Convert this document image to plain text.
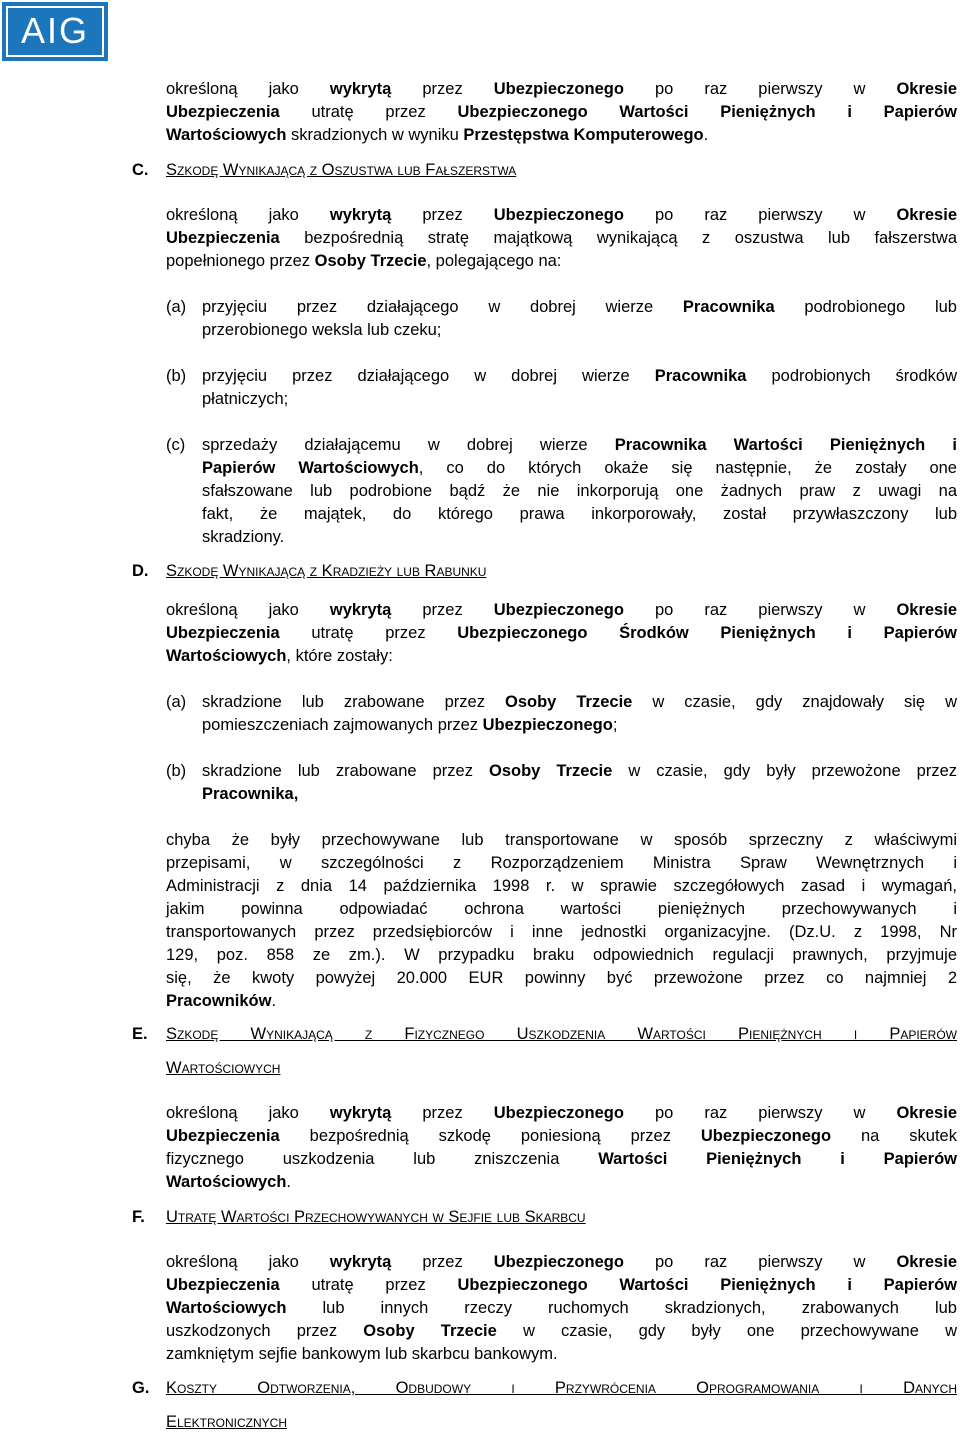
AIG
określoną jako wykrytą przez Ubezpieczonego po raz pierwszy w Okresie
Ubezpieczenia utratę przez Ubezpieczonego Wartości Pieniężnych i Papierów
Wartościowych skradzionych w wyniku Przestępstwa Komputerowego.
C. Szkodę Wynikającą z Oszustwa lub Fałszerstwa
określoną jako wykrytą przez Ubezpieczonego po raz pierwszy w Okresie
Ubezpieczenia bezpośrednią stratę majątkową wynikającą z oszustwa lub fałszerstwa
popełnionego przez Osoby Trzecie, polegającego na:
(a) przyjęciu przez działającego w dobrej wierze Pracownika podrobionego lub
przerobionego weksla lub czeku;
(b) przyjęciu przez działającego w dobrej wierze Pracownika podrobionych środków
płatniczych;
(c) sprzedaży działającemu w dobrej wierze Pracownika Wartości Pieniężnych i
Papierów Wartościowych, co do których okaże się następnie, że zostały one
sfałszowane lub podrobione bądź że nie inkorporują one żadnych praw z uwagi na
fakt, że majątek, do którego prawa inkorporowały, został przywłaszczony lub
skradziony.
D. Szkodę Wynikającą z Kradzieży lub Rabunku
określoną jako wykrytą przez Ubezpieczonego po raz pierwszy w Okresie
Ubezpieczenia utratę przez Ubezpieczonego Środków Pieniężnych i Papierów
Wartościowych, które zostały:
(a) skradzione lub zrabowane przez Osoby Trzecie w czasie, gdy znajdowały się w
pomieszczeniach zajmowanych przez Ubezpieczonego;
(b) skradzione lub zrabowane przez Osoby Trzecie w czasie, gdy były przewożone przez
Pracownika,
chyba że były przechowywane lub transportowane w sposób sprzeczny z właściwymi
przepisami, w szczególności z Rozporządzeniem Ministra Spraw Wewnętrznych i
Administracji z dnia 14 października 1998 r. w sprawie szczegółowych zasad i wymagań,
jakim powinna odpowiadać ochrona wartości pieniężnych przechowywanych i
transportowanych przez przedsiębiorców i inne jednostki organizacyjne. (Dz.U. z 1998, Nr
129, poz. 858 ze zm.). W przypadku braku odpowiednich regulacji prawnych, przyjmuje
się, że kwoty powyżej 20.000 EUR powinny być przewożone przez co najmniej 2
Pracowników.
E. Szkodę Wynikającą z Fizycznego Uszkodzenia Wartości Pieniężnych i Papierów
Wartościowych
określoną jako wykrytą przez Ubezpieczonego po raz pierwszy w Okresie
Ubezpieczenia bezpośrednią szkodę poniesioną przez Ubezpieczonego na skutek
fizycznego uszkodzenia lub zniszczenia Wartości Pieniężnych i Papierów
Wartościowych.
F. Utratę Wartości Przechowywanych w Sejfie lub Skarbcu
określoną jako wykrytą przez Ubezpieczonego po raz pierwszy w Okresie
Ubezpieczenia utratę przez Ubezpieczonego Wartości Pieniężnych i Papierów
Wartościowych lub innych rzeczy ruchomych skradzionych, zrabowanych lub
uszkodzonych przez Osoby Trzecie w czasie, gdy były one przechowywane w
zamkniętym sejfie bankowym lub skarbcu bankowym.
G. Koszty Odtworzenia, Odbudowy i Przywrócenia Oprogramowania i Danych
Elektronicznych
